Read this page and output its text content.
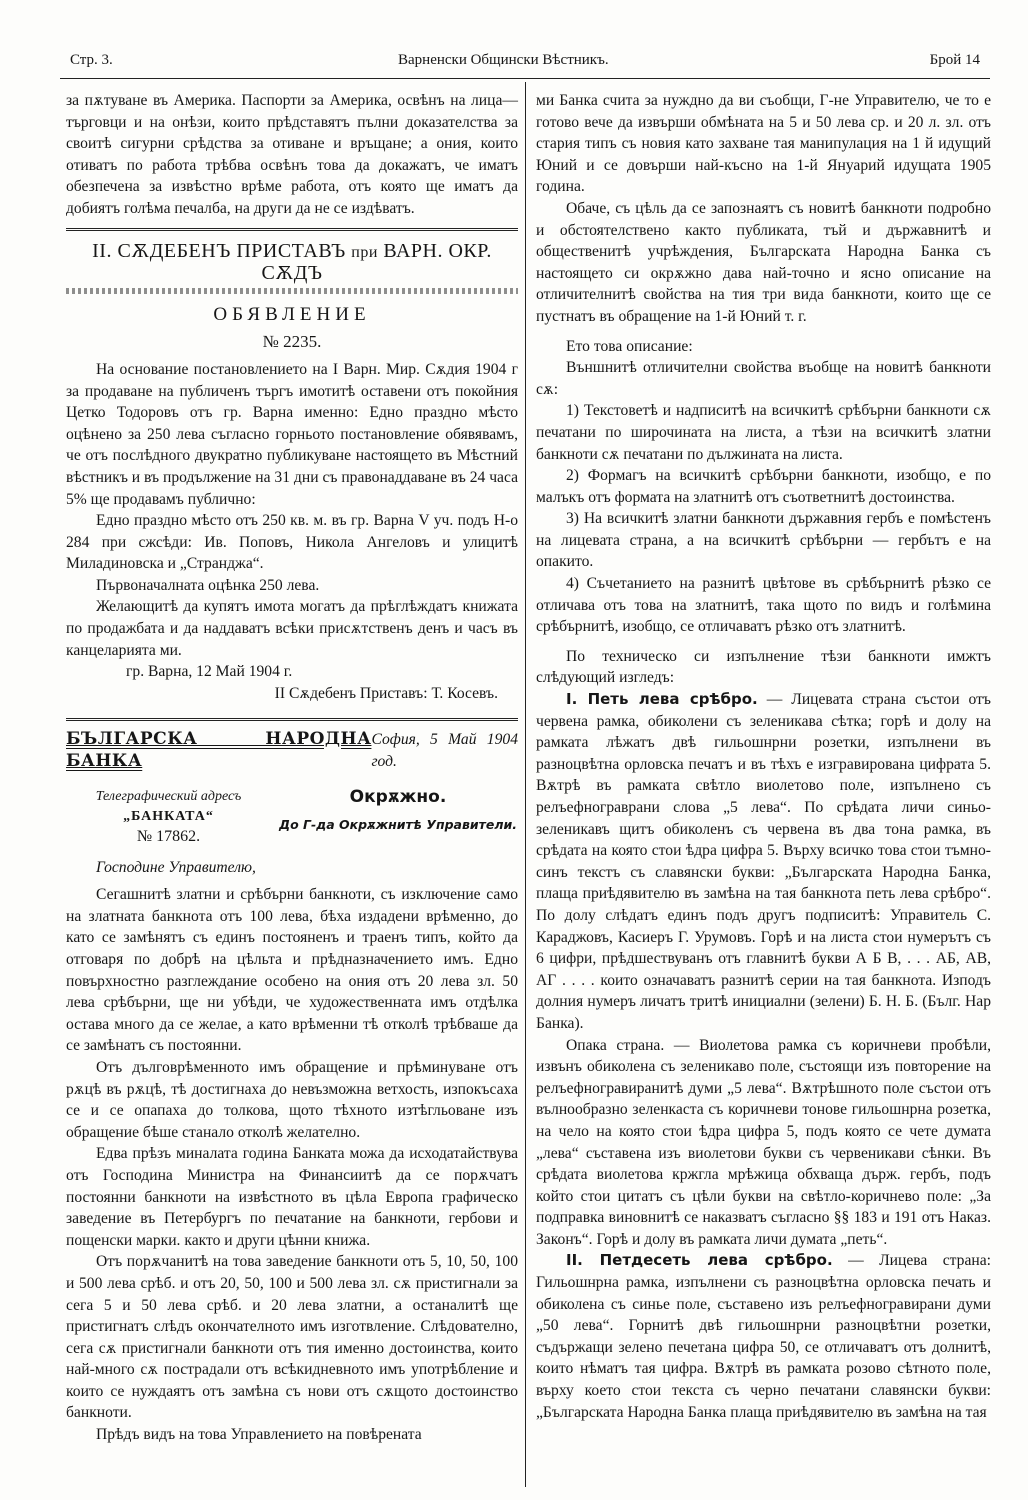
Стр. 3.	Варненски Общински Вѣстникъ.	Брой 14

за пѫтуване въ Америка. Паспорти за Америка, освѣнъ на лица—търговци и на онѣзи, които прѣдставятъ пълни доказателства за своитѣ сигурни срѣдства за отиване и връщане; а ония, които отиватъ по работа трѣбва освѣнъ това да докажатъ, че иматъ обезпечена за извѣстно врѣме работа, отъ която ще иматъ да добиятъ голѣма печалба, на други да не се издѣватъ.

II. СѪДЕБЕНЪ ПРИСТАВЪ при ВАРН. ОКР. СѪДЪ

ОБЯВЛЕНИЕ

№ 2235.

На основание постановлението на I Варн. Мир. Сѫдия 1904 г за продаване на публиченъ търгъ имотитѣ оставени отъ покойния Цетко Тодоровъ отъ гр. Варна именно: Едно праздно мѣсто оцѣнено за 250 лева съгласно горньото постановление обявявамъ, че отъ послѣдного двукратно публикуване настоящето въ Мѣстний вѣстникъ и въ продължение на 31 дни съ правонаддаване въ 24 часа 5% ще продавамъ публично:

Едно праздно мѣсто отъ 250 кв. м. въ гр. Варна V уч. подъ Н-о 284 при сжсѣди: Ив. Поповъ, Никола Ангеловъ и улицитѣ Миладиновска и „Странджа“.

Първоначалната оцѣнка 250 лева.

Желающитѣ да купятъ имота могатъ да прѣглѣждатъ книжата по продажбата и да наддаватъ всѣки присѫтственъ денъ и часъ въ канцеларията ми.

гр. Варна, 12 Май 1904 г.

II Сѫдебенъ Приставъ: Т. Косевъ.

БЪЛГАРСКА НАРОДНА БАНКА
София, 5 Май 1904 год.
Телеграфический адресъ
„БАНКАТА“
№ 17862.
Окрѫжно.
До Г-да Окрѫжнитѣ Управители.

Господине Управителю,

Сегашнитѣ златни и срѣбърни банкноти, съ изключение само на златната банкнота отъ 100 лева, бѣха издадени врѣменно, до като се замѣнятъ съ единъ постояненъ и траенъ типъ, който да отговаря по добрѣ на цѣльта и прѣдназначението имъ. Едно повърхностно разглеждание особено на ония отъ 20 лева зл. 50 лева срѣбърни, ще ни убѣди, че художественната имъ отдѣлка остава много да се желае, а като врѣменни тѣ отколѣ трѣбваше да се замѣнатъ съ постоянни.

Отъ дълговрѣменното имъ обращение и прѣминуване отъ рѫцѣ въ рѫцѣ, тѣ достигнаха до невъзможна ветхость, изпокъсаха се и се опапаха до толкова, щото тѣхното изтѣгльоване изъ обращение бѣше станало отколѣ желателно.

Едва прѣзъ миналата година Банката можа да исходатайствува отъ Господина Министра на Финансиитѣ да се порѫчатъ постоянни банкноти на извѣстното въ цѣла Европа графическо заведение въ Петербургъ по печатание на банкноти, гербови и пощенски марки. както и други цѣнни книжа.

Отъ порѫчанитѣ на това заведение банкноти отъ 5, 10, 50, 100 и 500 лева срѣб. и отъ 20, 50, 100 и 500 лева зл. сѫ пристигнали за сега 5 и 50 лева срѣб. и 20 лева златни, а останалитѣ ще пристигнатъ слѣдъ окончателното имъ изготвление. Слѣдователно, сега сѫ пристигнали банкноти отъ тия именно достоинства, които най-много сѫ пострадали отъ всѣкидневното имъ употрѣбление и които се нуждаятъ отъ замѣна съ нови отъ сѫщото достоинство банкноти.

Прѣдъ видъ на това Управлението на повѣрената

ми Банка счита за нуждно да ви съобщи, Г-не Управителю, че то е готово вече да извърши обмѣната на 5 и 50 лева ср. и 20 л. зл. отъ стария типъ съ новия като захване тая манипулация на 1 й идущий Юний и се довърши най-късно на 1-й Януарий идущата 1905 година.

Обаче, съ цѣль да се запознаятъ съ новитѣ банкноти подробно и обстоятелствено както публиката, тъй и държавнитѣ и общественитѣ учрѣждения, Българската Народна Банка съ настоящето си окрѫжно дава най-точно и ясно описание на отличителнитѣ свойства на тия три вида банкноти, които ще се пустнатъ въ обращение на 1-й Юний т. г.

Ето това описание:

Външнитѣ отличителни свойства въобще на новитѣ банкноти сѫ:

1) Текстоветѣ и надписитѣ на всичкитѣ срѣбърни банкноти сѫ печатани по широчината на листа, а тѣзи на всичкитѣ златни банкноти сѫ печатани по дължината на листа.

2) Формагъ на всичкитѣ срѣбърни банкноти, изобщо, е по малъкъ отъ формата на златнитѣ отъ съответнитѣ достоинства.

3) На всичкитѣ златни банкноти държавния гербъ е помѣстенъ на лицевата страна, а на всичкитѣ срѣбърни — гербътъ е на опакито.

4) Съчетанието на разнитѣ цвѣтове въ срѣбърнитѣ рѣзко се отличава отъ това на златнитѣ, така щото по видъ и голѣмина срѣбърнитѣ, изобщо, се отличаватъ рѣзко отъ златнитѣ.

По техническо си изпълнение тѣзи банкноти имжтъ слѣдующий изгледъ:

I. Петь лева срѣбро. — Лицевата страна състои отъ червена рамка, обиколени съ зеленикава сѣтка; горѣ и долу на рамката лѣжатъ двѣ гильошнрни розетки, изпълнени въ разноцвѣтна орловска печатъ и въ тѣхъ е изгравирована цифрата 5. Вѫтрѣ въ рамката свѣтло виолетово поле, изпълнено съ релъефнограврани слова „5 лева“. По срѣдата личи синьо-зеленикавъ щитъ обиколенъ съ червена въ два тона рамка, въ срѣдата на която стои ѣдра цифра 5. Върху всичко това стои тъмно-синъ текстъ съ славянски букви: „Българската Народна Банка, плаща приѣдявителю въ замѣна на тая банкнота петь лева срѣбро“. По долу слѣдатъ единъ подъ другъ подписитѣ: Управитель С. Караджовъ, Касиеръ Г. Урумовъ. Горѣ и на листа стои нумерътъ съ 6 цифри, прѣдшествуванъ отъ главнитѣ букви А Б В, . . . АБ, АВ, АГ . . . . които означаватъ разнитѣ серии на тая банкнота. Изподъ долния нумеръ личатъ тритѣ инициални (зелени) Б. Н. Б. (Бълг. Нар Банка).

Опака страна. — Виолетова рамка съ коричневи пробѣли, извънъ обиколена съ зеленикаво поле, състоящи изъ повторение на релъефногравиранитѣ думи „5 лева“. Вѫтрѣшното поле състои отъ вълнообразно зеленкаста съ коричневи тонове гильошнрна розетка, на чело на която стои ѣдра цифра 5, подъ която се чете думата „лева“ съставена изъ виолетови букви съ червеникави сѣнки. Въ срѣдата виолетова кржгла мрѣжица обхваща държ. гербъ, подъ който стои цитатъ съ цѣли букви на свѣтло-коричнево поле: „За подправка виновнитѣ се наказватъ съгласно §§ 183 и 191 отъ Наказ. Законъ“. Горѣ и долу въ рамката личи думата „петь“.

II. Петдесеть лева срѣбро. — Лицева страна: Гильошнрна рамка, изпълнени съ разноцвѣтна орловска печать и обиколена съ синье поле, съставено изъ релъефногравирани думи „50 лева“. Горнитѣ двѣ гильошнрни разноцвѣтни розетки, съдържащи зелено печетана цифра 50, се отличаватъ отъ долнитѣ, които нѣматъ тая цифра. Вѫтрѣ въ рамката розово сѣтното поле, върху което стои текста съ черно печатани славянски букви: „Българската Народна Банка плаща приѣдявителю въ замѣна на тая
